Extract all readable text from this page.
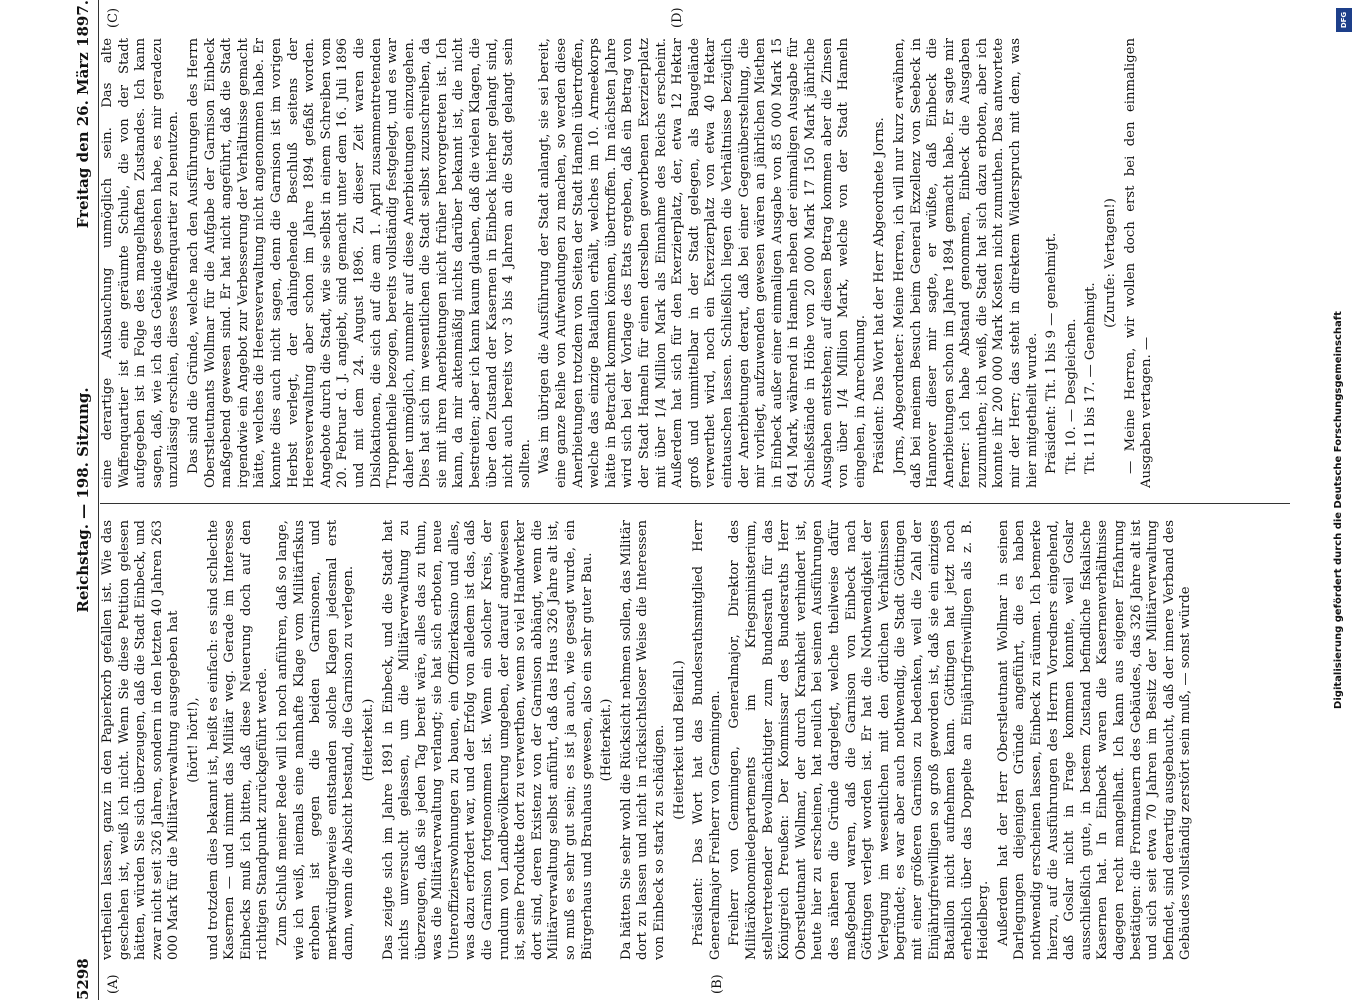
5298
Reichstag. — 198. Sitzung.
Freitag den 26. März 1897.
(A)	(B)
(C)	(D)

vertheilen lassen, ganz in den Papierkorb gefallen ist. Wie das geschehen ist, weiß ich nicht. Wenn Sie diese Petition gelesen hätten, würden Sie sich überzeugen, daß die Stadt Einbeck, und zwar nicht seit 326 Jahren, sondern in den letzten 40 Jahren 263 000 Mark für die Militärverwaltung ausgegeben hat (hört! hört!), und trotzdem dies bekannt ist, heißt es einfach: es sind schlechte Kasernen — und nimmt das Militär weg. Gerade im Interesse Einbecks muß ich bitten, daß diese Neuerung doch auf den richtigen Standpunkt zurückgeführt werde. Zum Schluß meiner Rede will ich noch anführen, daß so lange, wie ich weiß, niemals eine namhafte Klage vom Militärfiskus erhoben ist gegen die beiden Garnisonen, und merkwürdigerweise entstanden solche Klagen jedesmal erst dann, wenn die Absicht bestand, die Garnison zu verlegen. (Heiterkeit.) Das zeigte sich im Jahre 1891 in Einbeck, und die Stadt hat nichts unversucht gelassen, um die Militärverwaltung zu überzeugen, daß sie jeden Tag bereit wäre, alles das zu thun, was die Militärverwaltung verlangt; sie hat sich erboten, neue Unteroffizierswohnungen zu bauen, ein Offizierkasino und alles, was dazu erfordert war, und der Erfolg von alledem ist das, daß die Garnison fortgenommen ist. Wenn ein solcher Kreis, der rundum von Landbevölkerung umgeben, der darauf angewiesen ist, seine Produkte dort zu verwerthen, wenn so viel Handwerker dort sind, deren Existenz von der Garnison abhängt, wenn die Militärverwaltung selbst anführt, daß das Haus 326 Jahre alt ist, so muß es sehr gut sein; es ist ja auch, wie gesagt wurde, ein Bürgerhaus und Brauhaus gewesen, also ein sehr guter Bau. (Heiterkeit.) Da hätten Sie sehr wohl die Rücksicht nehmen sollen, das Militär dort zu lassen und nicht in rücksichtsloser Weise die Interessen von Einbeck so stark zu schädigen. (Heiterkeit und Beifall.) Präsident: Das Wort hat das Bundesrathsmitglied Herr Generalmajor Freiherr von Gemmingen. Freiherr von Gemmingen, Generalmajor, Direktor des Militärökonomiedepartements im Kriegsministerium, stellvertretender Bevollmächtigter zum Bundesrath für das Königreich Preußen: Der Kommissar des Bundesraths Herr Oberstleutnant Wollmar, der durch Krankheit verhindert ist, heute hier zu erscheinen, hat neulich bei seinen Ausführungen des näheren die Gründe dargelegt, welche theilweise dafür maßgebend waren, daß die Garnison von Einbeck nach Göttingen verlegt worden ist. Er hat die Nothwendigkeit der Verlegung im wesentlichen mit den örtlichen Verhältnissen begründet; es war aber auch nothwendig, die Stadt Göttingen mit einer größeren Garnison zu bedenken, weil die Zahl der Einjährigfreiwilligen so groß geworden ist, daß sie ein einziges Bataillon nicht aufnehmen kann. Göttingen hat jetzt noch erheblich über das Doppelte an Einjährigfreiwilligen als z. B. Heidelberg. Außerdem hat der Herr Oberstleutnant Wollmar in seinen Darlegungen diejenigen Gründe angeführt, die es haben nothwendig erscheinen lassen, Einbeck zu räumen. Ich bemerke hierzu, auf die Ausführungen des Herrn Vorredners eingehend, daß Goslar nicht in Frage kommen konnte, weil Goslar ausschließlich gute, in bestem Zustand befindliche fiskalische Kasernen hat. In Einbeck waren die Kasernenverhältnisse dagegen recht mangelhaft. Ich kann aus eigener Erfahrung bestätigen: die Frontmauern des Gebäudes, das 326 Jahre alt ist und sich seit etwa 70 Jahren im Besitz der Militärverwaltung befindet, sind derartig ausgebaucht, daß der innere Verband des Gebäudes vollständig zerstört sein muß, — sonst würde

eine derartige Ausbauchung unmöglich sein. Das alte Waffenquartier ist eine geräumte Schule, die von der Stadt aufgegeben ist in Folge des mangelhaften Zustandes. Ich kann sagen, daß, wie ich das Gebäude gesehen habe, es mir geradezu unzulässig erschien, dieses Waffenquartier zu benutzen. Das sind die Gründe, welche nach den Ausführungen des Herrn Oberstleutnants Wollmar für die Aufgabe der Garnison Einbeck maßgebend gewesen sind. Er hat nicht angeführt, daß die Stadt irgendwie ein Angebot zur Verbesserung der Verhältnisse gemacht hätte, welches die Heeresverwaltung nicht angenommen habe. Er konnte dies auch nicht sagen, denn die Garnison ist im vorigen Herbst verlegt, der dahingehende Beschluß seitens der Heeresverwaltung aber schon im Jahre 1894 gefaßt worden. Angebote durch die Stadt, wie sie selbst in einem Schreiben vom 20. Februar d. J. angiebt, sind gemacht unter dem 16. Juli 1896 und mit dem 24. August 1896. Zu dieser Zeit waren die Dislokationen, die sich auf die am 1. April zusammentretenden Truppentheile bezogen, bereits vollständig festgelegt, und es war daher unmöglich, nunmehr auf diese Anerbietungen einzugehen. Dies hat sich im wesentlichen die Stadt selbst zuzuschreiben, da sie mit ihren Anerbietungen nicht früher hervorgetreten ist. Ich kann, da mir aktenmäßig nichts darüber bekannt ist, die nicht bestreiten; aber ich kann kaum glauben, daß die vielen Klagen, die über den Zustand der Kasernen in Einbeck hierher gelangt sind, nicht auch bereits vor 3 bis 4 Jahren an die Stadt gelangt sein sollten. Was im übrigen die Ausführung der Stadt anlangt, sie sei bereit, eine ganze Reihe von Aufwendungen zu machen, so werden diese Anerbietungen trotzdem von Seiten der Stadt Hameln übertroffen, welche das einzige Bataillon erhält, welches im 10. Armeekorps hätte in Betracht kommen können, übertroffen. Im nächsten Jahre wird sich bei der Vorlage des Etats ergeben, daß ein Betrag von der Stadt Hameln für einen derselben geworbenen Exerzierplatz mit über 1/4 Million Mark als Einnahme des Reichs erscheint. Außerdem hat sich für den Exerzierplatz, der, etwa 12 Hektar groß und unmittelbar in der Stadt gelegen, als Baugelände verwerthet wird, noch ein Exerzierplatz von etwa 40 Hektar eintauschen lassen. Schließlich liegen die Verhältnisse bezüglich der Anerbietungen derart, daß bei einer Gegenüberstellung, die mir vorliegt, aufzuwenden gewesen wären an jährlichen Miethen in Einbeck außer einer einmaligen Ausgabe von 85 000 Mark 15 641 Mark, während in Hameln neben der einmaligen Ausgabe für Schießstände in Höhe von 20 000 Mark 17 150 Mark jährliche Ausgaben entstehen; auf diesen Betrag kommen aber die Zinsen von über 1/4 Million Mark, welche von der Stadt Hameln eingehen, in Anrechnung. Präsident: Das Wort hat der Herr Abgeordnete Jorns. Jorns, Abgeordneter: Meine Herren, ich will nur kurz erwähnen, daß bei meinem Besuch beim General Exzellenz von Seebeck in Hannover dieser mir sagte, er wüßte, daß Einbeck die Anerbietungen schon im Jahre 1894 gemacht habe. Er sagte mir ferner: ich habe Abstand genommen, Einbeck die Ausgaben zuzumuthen; ich weiß, die Stadt hat sich dazu erboten, aber ich konnte ihr 200 000 Mark Kosten nicht zumuthen. Das antwortete mir der Herr; das steht in direktem Widerspruch mit dem, was hier mitgetheilt wurde. Präsident: Tit. 1 bis 9 — genehmigt. Tit. 10. — Desgleichen. Tit. 11 bis 17. — Genehmigt.

(Zurufe: Vertagen!) — Meine Herren, wir wollen doch erst bei den einmaligen Ausgaben vertagen. —	Digitalisierung gefördert durch die Deutsche Forschungsgemeinschaft
DFG
